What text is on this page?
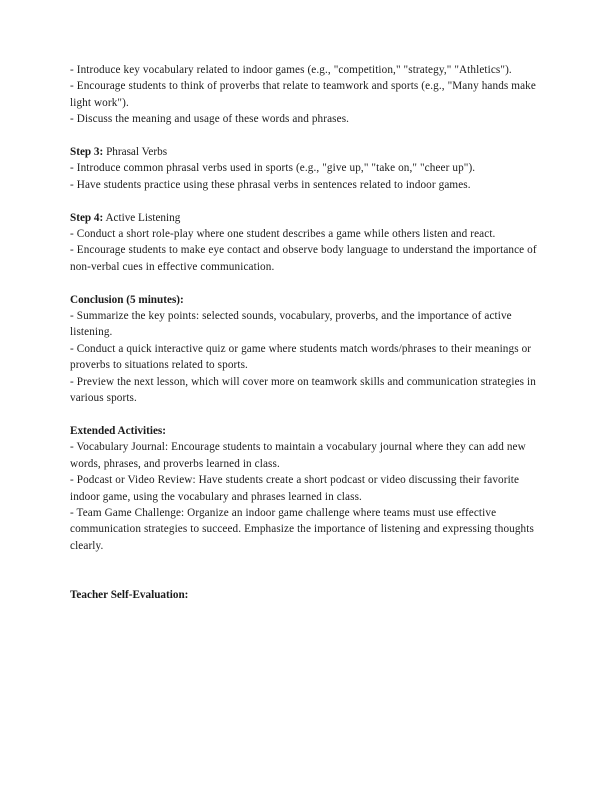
- Introduce key vocabulary related to indoor games (e.g., "competition," "strategy," "Athletics").

- Encourage students to think of proverbs that relate to teamwork and sports (e.g., "Many hands make light work").

- Discuss the meaning and usage of these words and phrases.

Step 3: Phrasal Verbs

- Introduce common phrasal verbs used in sports (e.g., "give up," "take on," "cheer up").

- Have students practice using these phrasal verbs in sentences related to indoor games.

Step 4: Active Listening

- Conduct a short role-play where one student describes a game while others listen and react.

- Encourage students to make eye contact and observe body language to understand the importance of non-verbal cues in effective communication.

Conclusion (5 minutes):

- Summarize the key points: selected sounds, vocabulary, proverbs, and the importance of active listening.

- Conduct a quick interactive quiz or game where students match words/phrases to their meanings or proverbs to situations related to sports.

- Preview the next lesson, which will cover more on teamwork skills and communication strategies in various sports.

Extended Activities:

- Vocabulary Journal: Encourage students to maintain a vocabulary journal where they can add new words, phrases, and proverbs learned in class.

- Podcast or Video Review: Have students create a short podcast or video discussing their favorite indoor game, using the vocabulary and phrases learned in class.

- Team Game Challenge: Organize an indoor game challenge where teams must use effective communication strategies to succeed. Emphasize the importance of listening and expressing thoughts clearly.

Teacher Self-Evaluation:
